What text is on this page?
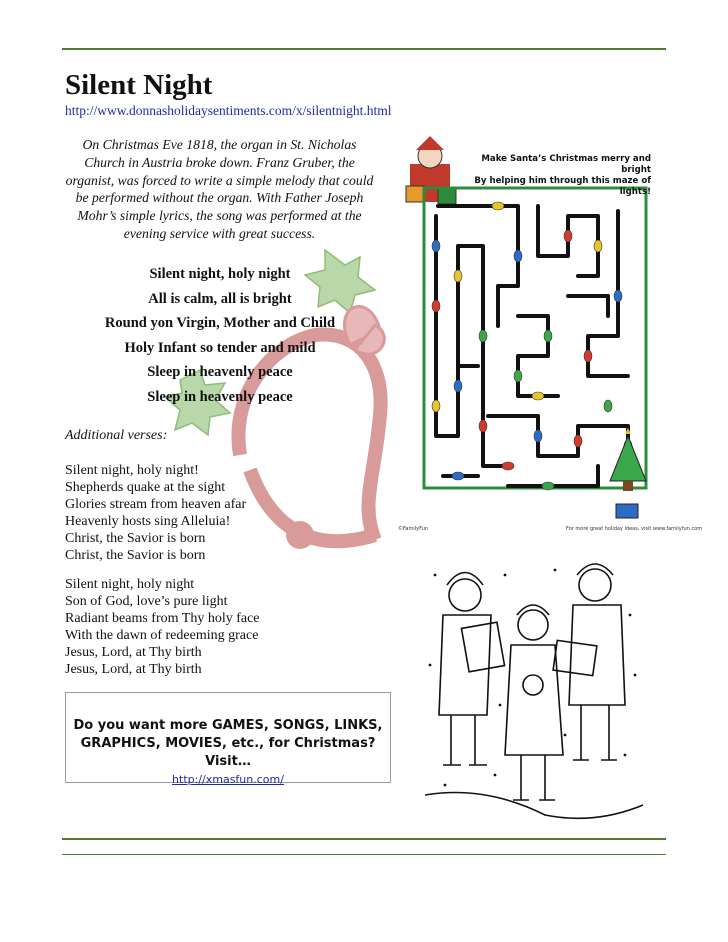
Silent Night
http://www.donnasholidaysentiments.com/x/silentnight.html

On Christmas Eve 1818, the organ in St. Nicholas Church in Austria broke down. Franz Gruber, the organist, was forced to write a simple melody that could be performed without the organ. With Father Joseph Mohr’s simple lyrics, the song was performed at the evening service with great success.

Silent night, holy night
All is calm, all is bright
Round yon Virgin, Mother and Child
Holy Infant so tender and mild
Sleep in heavenly peace
Sleep in heavenly peace

Additional verses:

Silent night, holy night!
Shepherds quake at the sight
Glories stream from heaven afar
Heavenly hosts sing Alleluia!
Christ, the Savior is born
Christ, the Savior is born
Silent night, holy night
Son of God, love’s pure light
Radiant beams from Thy holy face
With the dawn of redeeming grace
Jesus, Lord, at Thy birth
Jesus, Lord, at Thy birth
Do you want more GAMES, SONGS, LINKS,
GRAPHICS, MOVIES, etc., for Christmas? Visit…
http://xmasfun.com/

Make Santa’s Christmas merry and bright
By helping him through this maze of lights!

©FamilyFun	For more great holiday ideas, visit www.familyfun.com
